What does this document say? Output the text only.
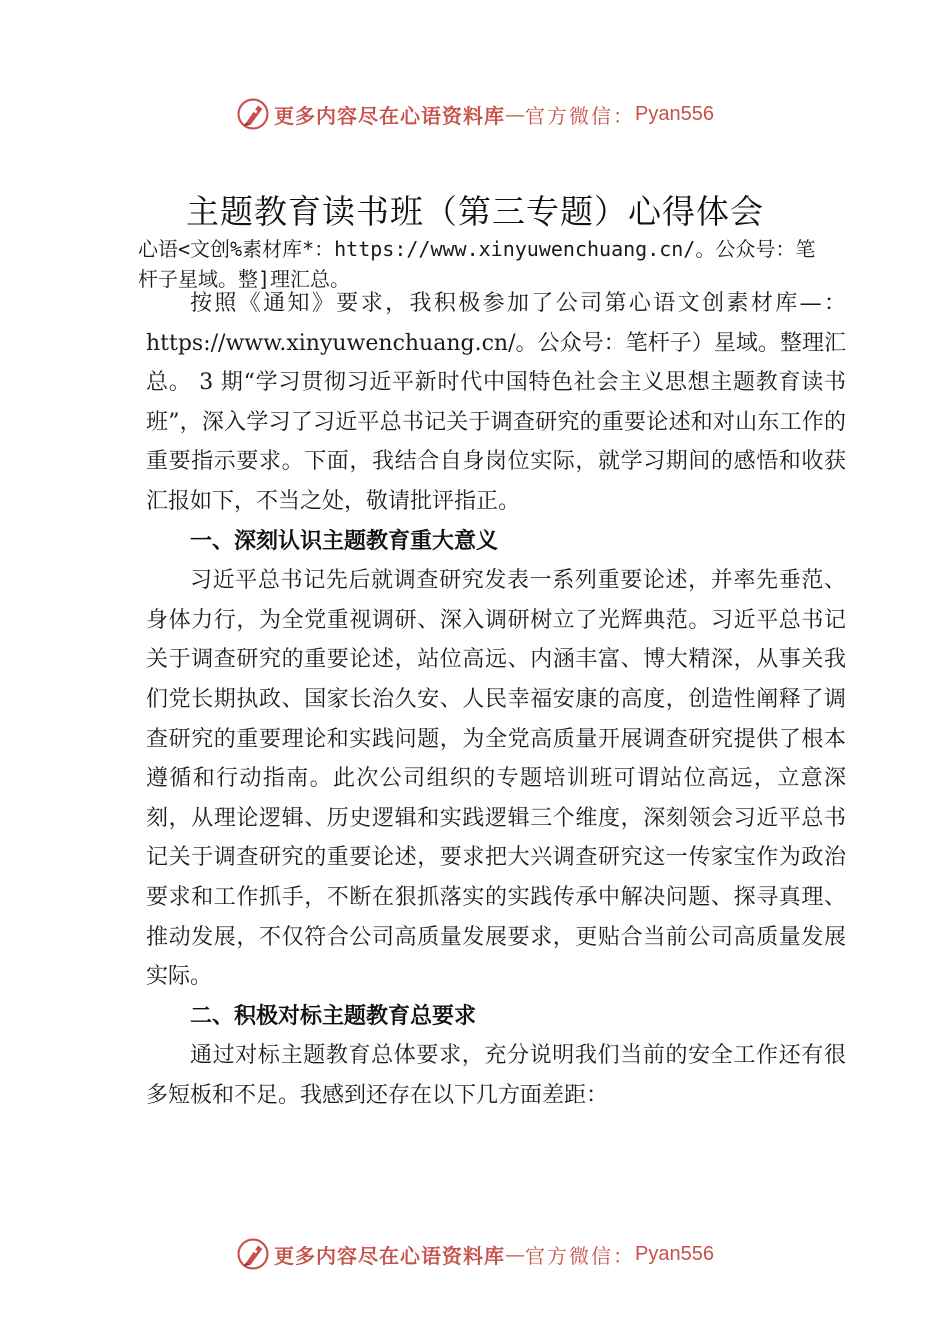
更多内容尽在心语资料库 — 官方微信： Pyan556
主题教育读书班（第三专题）心得体会
心语<文创%素材库*：https://www.xinyuwenchuang.cn/。公众号：笔杆子星域。整]理汇总。

按照《通知》要求，我积极参加了公司第心语文创素材库—：https://www.xinyuwenchuang.cn/。公众号：笔杆子）星域。整理汇总。 3 期“学习贯彻习近平新时代中国特色社会主义思想主题教育读书班”，深入学习了习近平总书记关于调查研究的重要论述和对山东工作的重要指示要求。下面，我结合自身岗位实际，就学习期间的感悟和收获汇报如下，不当之处，敬请批评指正。

一、深刻认识主题教育重大意义

习近平总书记先后就调查研究发表一系列重要论述，并率先垂范、身体力行，为全党重视调研、深入调研树立了光辉典范。习近平总书记关于调查研究的重要论述，站位高远、内涵丰富、博大精深，从事关我们党长期执政、国家长治久安、人民幸福安康的高度，创造性阐释了调查研究的重要理论和实践问题，为全党高质量开展调查研究提供了根本遵循和行动指南。此次公司组织的专题培训班可谓站位高远，立意深刻，从理论逻辑、历史逻辑和实践逻辑三个维度，深刻领会习近平总书记关于调查研究的重要论述，要求把大兴调查研究这一传家宝作为政治要求和工作抓手，不断在狠抓落实的实践传承中解决问题、探寻真理、推动发展，不仅符合公司高质量发展要求，更贴合当前公司高质量发展实际。

二、积极对标主题教育总要求

通过对标主题教育总体要求，充分说明我们当前的安全工作还有很多短板和不足。我感到还存在以下几方面差距：

更多内容尽在心语资料库 — 官方微信： Pyan556
